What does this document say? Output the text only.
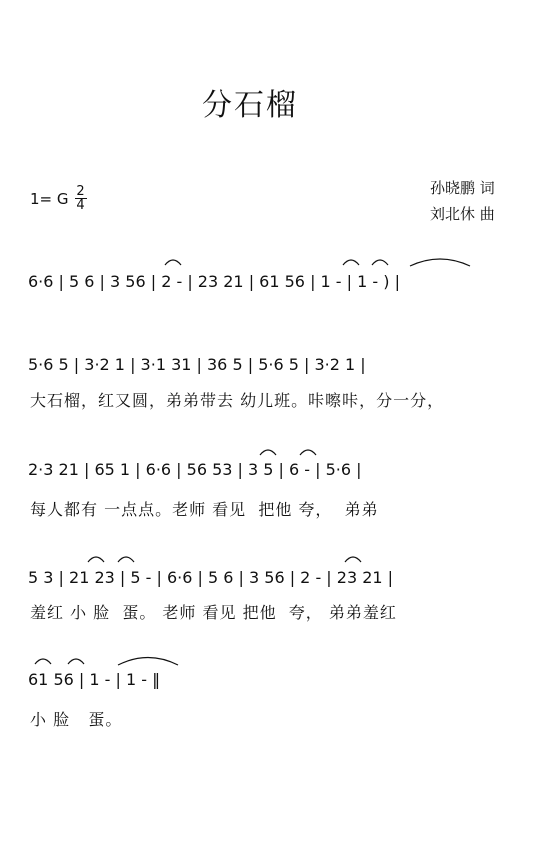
分石榴
1= G $\frac{2}{4}$	孙晓鹏 词
刘北休 曲
6·6 | 5 6 | 3 56 | 2 - | 23 21 | 61 56 | 1 - | 1 - ) |
5·6 5 | 3·2 1 | 3·1 31 | 36 5 | 5·6 5 | 3·2 1 |
大石榴，红又圆，弟弟带去 幼儿班。咔嚓咔，分一分，
2·3 21 | 65 1 | 6·6 | 56 53 | 3 5 | 6 - | 5·6 |
每人都有 一点点。老师 看见  把他 夸，  弟弟
5 3 | 21 23 | 5 - | 6·6 | 5 6 | 3 56 | 2 - | 23 21 |
羞红 小 脸  蛋。 老师 看见 把他  夸， 弟弟羞红
61 56 | 1 - | 1 - ‖
小 脸   蛋。
